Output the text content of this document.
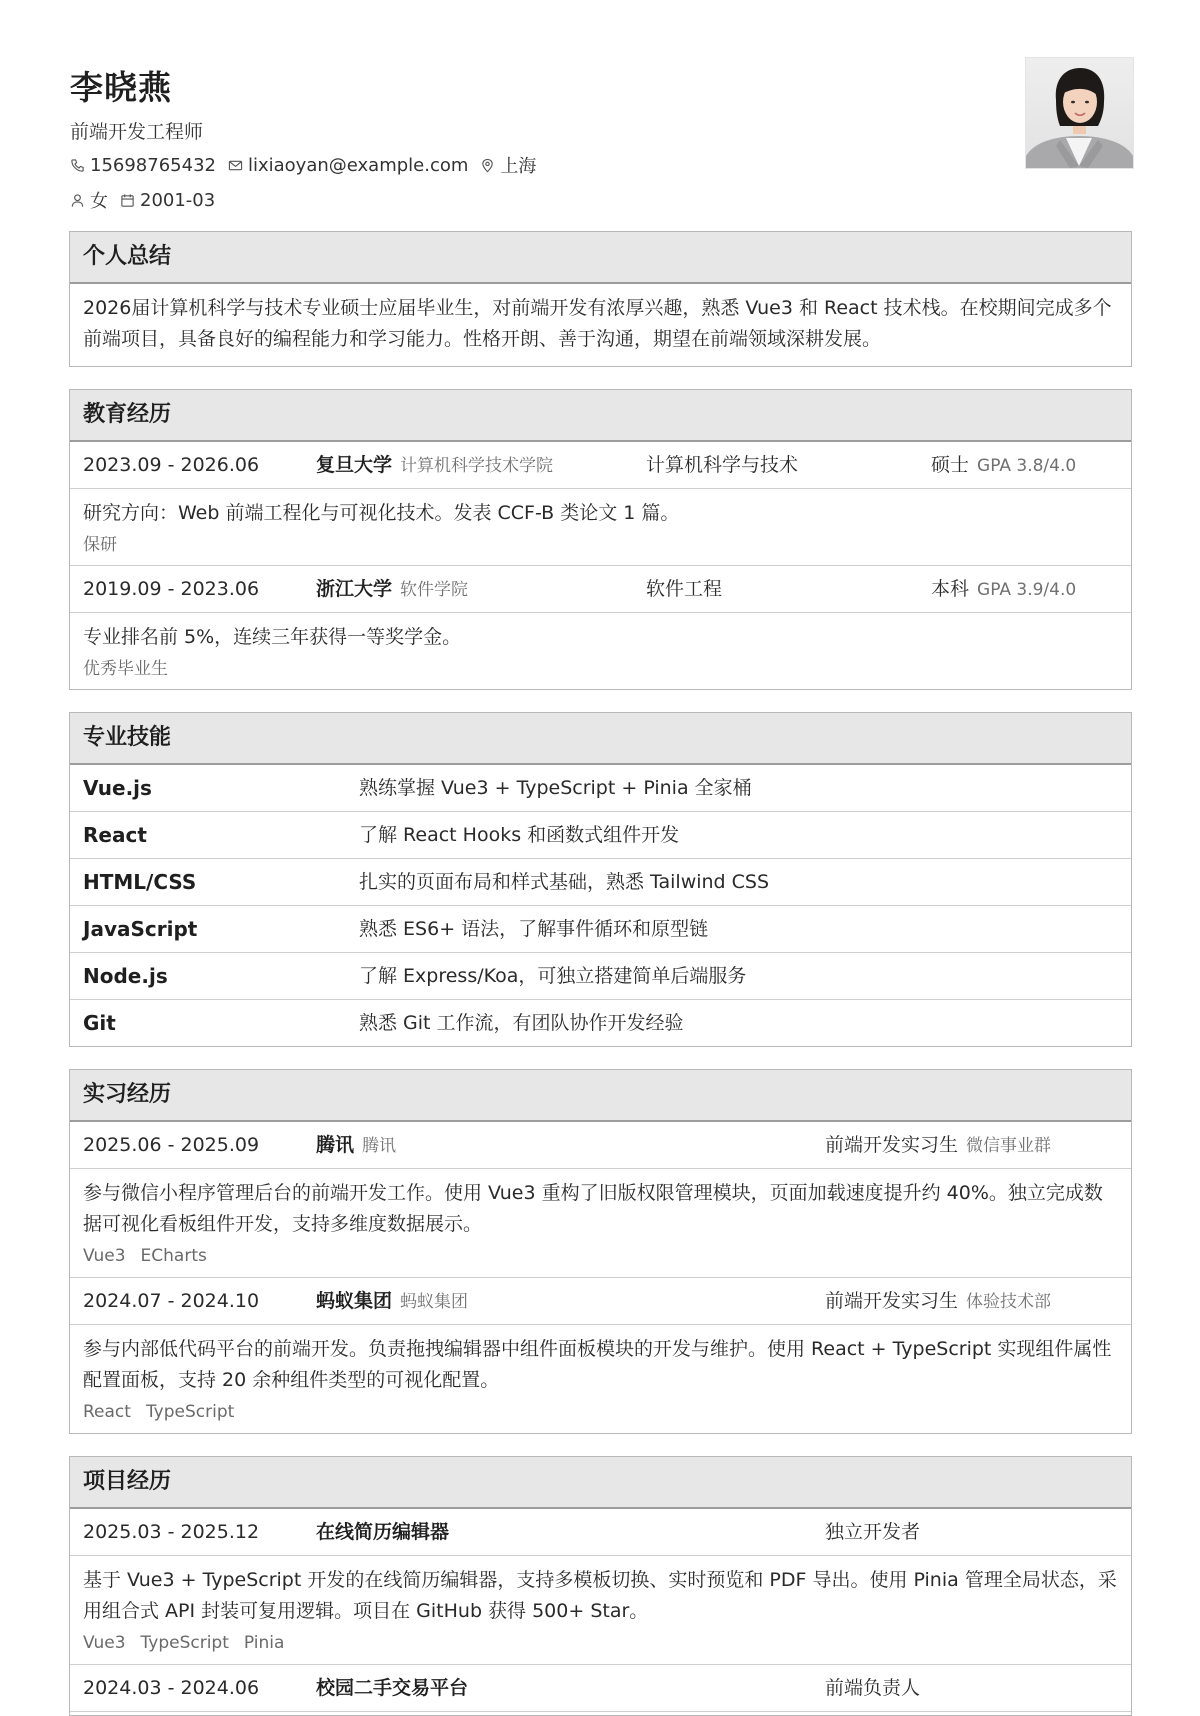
李晓燕
前端开发工程师
15698765432 lixiaoyan@example.com 上海
女 2001-03
个人总结
2026届计算机科学与技术专业硕士应届毕业生，对前端开发有浓厚兴趣，熟悉 Vue3 和 React 技术栈。在校期间完成多个前端项目，具备良好的编程能力和学习能力。性格开朗、善于沟通，期望在前端领域深耕发展。
教育经历
2023.09 - 2026.06	复旦大学 计算机科学技术学院	计算机科学与技术	硕士 GPA 3.8/4.0
研究方向：Web 前端工程化与可视化技术。发表 CCF-B 类论文 1 篇。
保研
2019.09 - 2023.06	浙江大学 软件学院	软件工程	本科 GPA 3.9/4.0
专业排名前 5%，连续三年获得一等奖学金。
优秀毕业生
专业技能
Vue.js	熟练掌握 Vue3 + TypeScript + Pinia 全家桶
React	了解 React Hooks 和函数式组件开发
HTML/CSS	扎实的页面布局和样式基础，熟悉 Tailwind CSS
JavaScript	熟悉 ES6+ 语法，了解事件循环和原型链
Node.js	了解 Express/Koa，可独立搭建简单后端服务
Git	熟悉 Git 工作流，有团队协作开发经验
实习经历
2025.06 - 2025.09	腾讯 腾讯	前端开发实习生 微信事业群
参与微信小程序管理后台的前端开发工作。使用 Vue3 重构了旧版权限管理模块，页面加载速度提升约 40%。独立完成数据可视化看板组件开发，支持多维度数据展示。
Vue3 ECharts
2024.07 - 2024.10	蚂蚁集团 蚂蚁集团	前端开发实习生 体验技术部
参与内部低代码平台的前端开发。负责拖拽编辑器中组件面板模块的开发与维护。使用 React + TypeScript 实现组件属性配置面板，支持 20 余种组件类型的可视化配置。
React TypeScript
项目经历
2025.03 - 2025.12	在线简历编辑器	独立开发者
基于 Vue3 + TypeScript 开发的在线简历编辑器，支持多模板切换、实时预览和 PDF 导出。使用 Pinia 管理全局状态，采用组合式 API 封装可复用逻辑。项目在 GitHub 获得 500+ Star。
Vue3 TypeScript Pinia
2024.03 - 2024.06	校园二手交易平台	前端负责人
